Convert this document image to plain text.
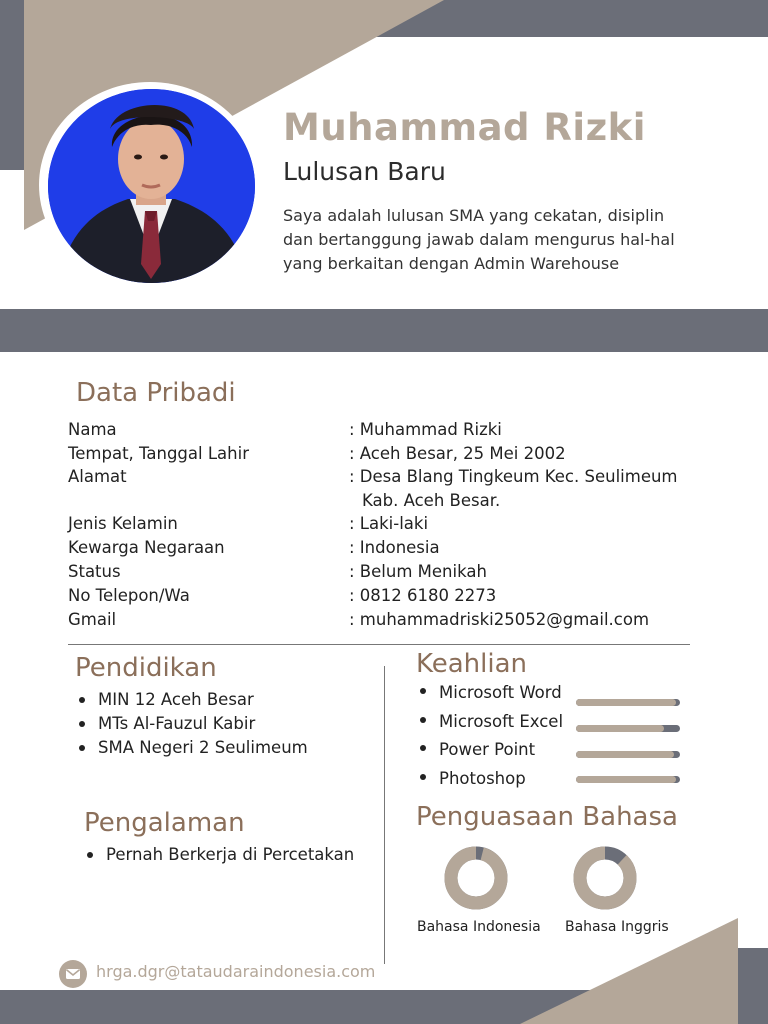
Muhammad Rizki
Lulusan Baru
Saya adalah lulusan SMA yang cekatan, disiplin
dan bertanggung jawab dalam mengurus hal-hal
yang berkaitan dengan Admin Warehouse
Data Pribadi
Nama	: Muhammad Rizki
Tempat, Tanggal Lahir	: Aceh Besar, 25 Mei 2002
Alamat	: Desa Blang Tingkeum Kec. Seulimeum
Kab. Aceh Besar.
Jenis Kelamin	: Laki-laki
Kewarga Negaraan	: Indonesia
Status	: Belum Menikah
No Telepon/Wa	: 0812 6180 2273
Gmail	: muhammadriski25052@gmail.com
Pendidikan
MIN 12 Aceh Besar
MTs Al-Fauzul Kabir
SMA Negeri 2 Seulimeum
Pengalaman
Pernah Berkerja di Percetakan
Keahlian
Microsoft Word
Microsoft Excel
Power Point
Photoshop
Penguasaan Bahasa
Bahasa Indonesia Bahasa Inggris
hrga.dgr@tataudaraindonesia.com
